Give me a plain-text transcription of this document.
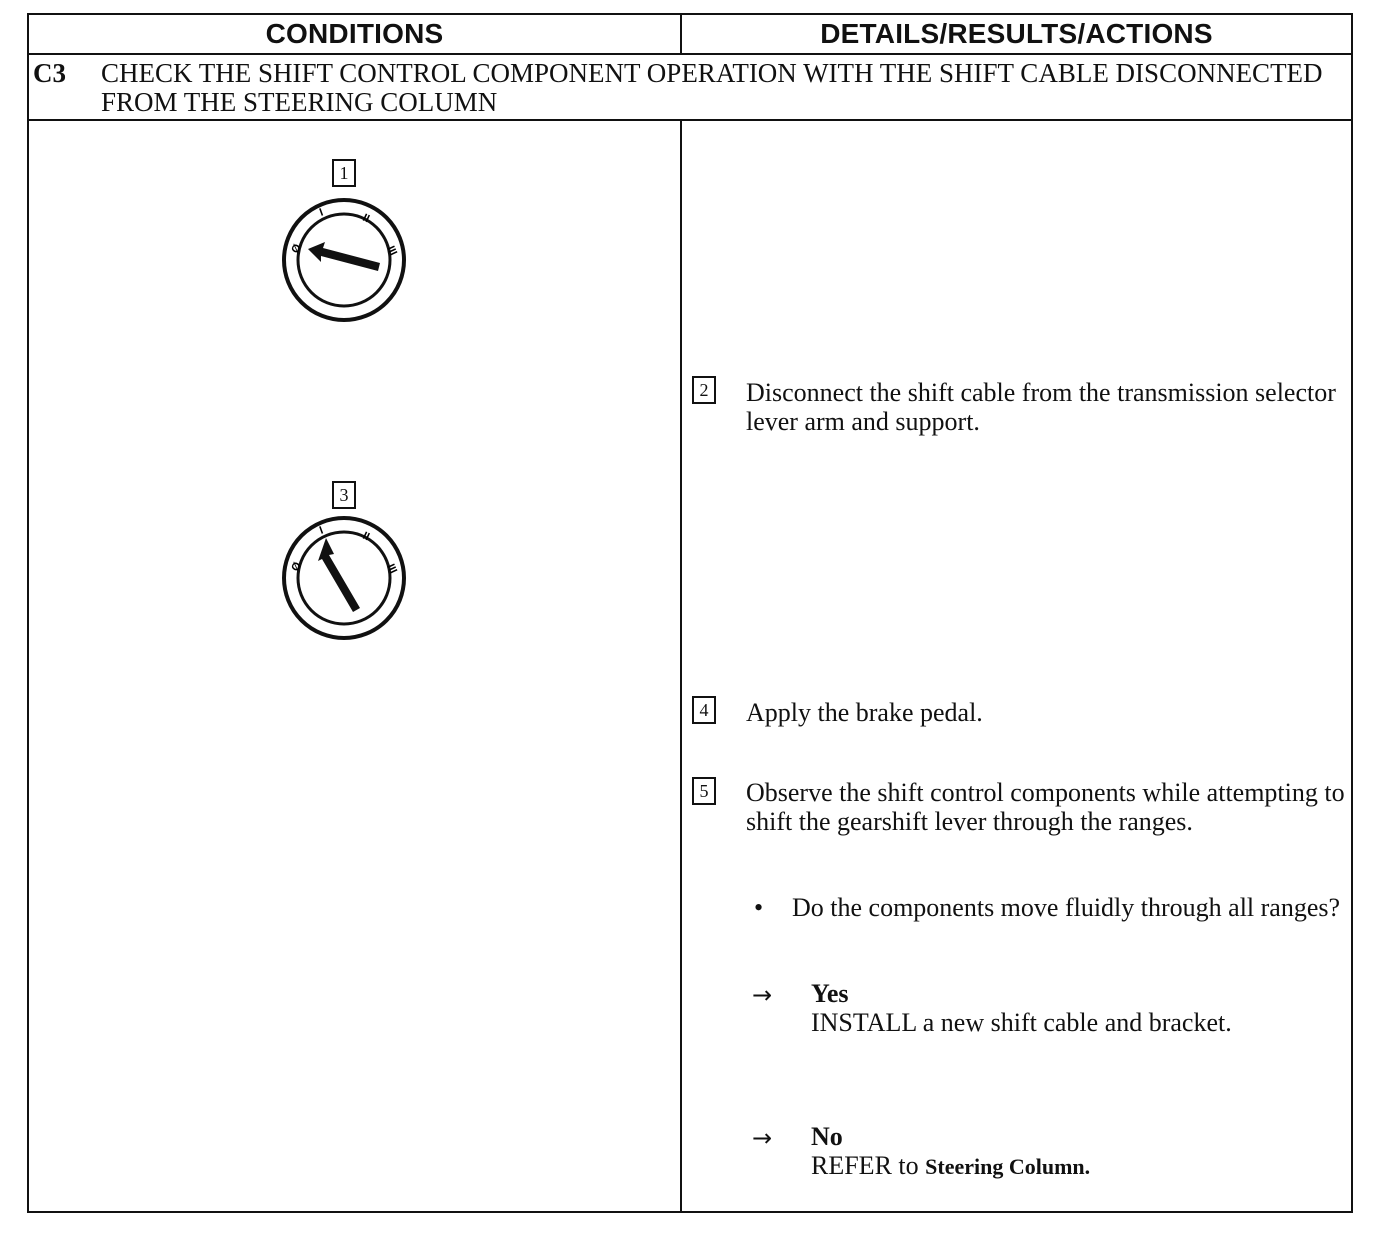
CONDITIONS	DETAILS/RESULTS/ACTIONS
C3 CHECK THE SHIFT CONTROL COMPONENT OPERATION WITH THE SHIFT CABLE DISCONNECTED FROM THE STEERING COLUMN
1
Ø
I	II
III
3
Ø
I	II
III
2 Disconnect the shift cable from the transmission selector lever arm and support.
4 Apply the brake pedal.
5 Observe the shift control components while attempting to shift the gearshift lever through the ranges.
• Do the components move fluidly through all ranges?
→ Yes
INSTALL a new shift cable and bracket.
→ No
REFER to Steering Column.
